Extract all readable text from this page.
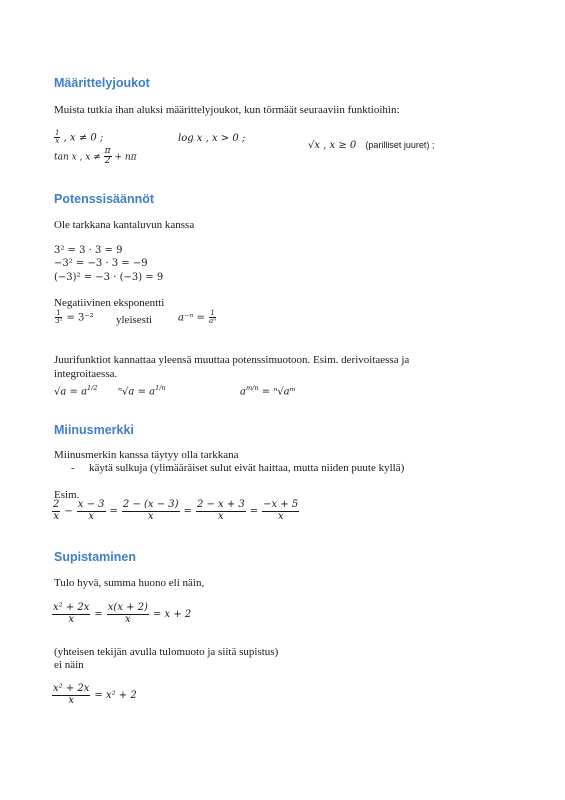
Määrittelyjoukot
Muista tutkia ihan aluksi määrittelyjoukot, kun törmäät seuraaviin funktioihin:
$\frac{1}{x}$ , x ≠ 0 ;	log x , x > 0 ;
√x , x ≥ 0 (parilliset juuret) ;
tan x , $x \ne \frac{\pi}{2} + n\pi$
Potenssisäännöt
Ole tarkkana kantaluvun kanssa
3² = 3 · 3 = 9
−3² = −3 · 3 = −9
(−3)² = −3 · (−3) = 9
Negatiivinen eksponentti
$\frac{1}{\text{3²}} = 3^{-2}$ yleisesti	$a^{-n} = \frac{1}{\text{aⁿ}}$
Juurifunktiot kannattaa yleensä muuttaa potenssimuotoon. Esim. derivoitaessa ja
integroitaessa.
$√a = a^{1/2}$ $^n√a = a^{1/n}$	$a^{m/n}$ = ⁿ√aᵐ
Miinusmerkki
Miinusmerkin kanssa täytyy olla tarkkana
- käytä sulkuja (ylimääräiset sulut eivät haittaa, mutta niiden puute kyllä)
Esim.
$\frac{2}{x} - \frac{x - 3}{x} = \frac{2 - (x - 3)}{x} = \frac{2 - x + 3}{x} = \frac{-x + 5}{x}$
Supistaminen
Tulo hyvä, summa huono eli näin,
$\frac{\text{x² + 2x}}{x} = \frac{x(x + 2)}{x} = x + 2$
(yhteisen tekijän avulla tulomuoto ja siitä supistus)
ei näin
$\frac{\text{x² + 2x}}{x} = x^2 + 2$
